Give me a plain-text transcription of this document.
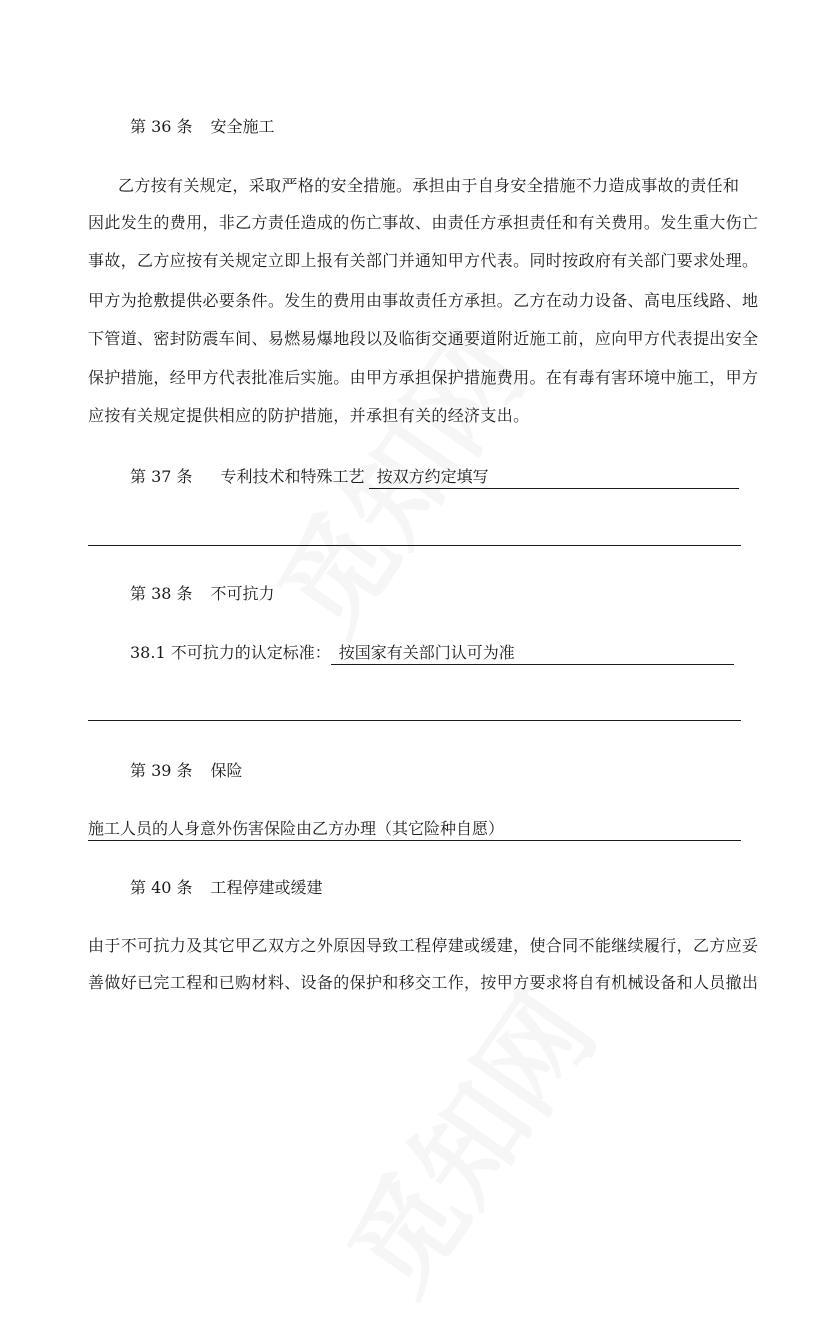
第 36 条 安全施工
乙方按有关规定，采取严格的安全措施。承担由于自身安全措施不力造成事故的责任和
因此发生的费用，非乙方责任造成的伤亡事故、由责任方承担责任和有关费用。发生重大伤亡
事故，乙方应按有关规定立即上报有关部门并通知甲方代表。同时按政府有关部门要求处理。
甲方为抢敷提供必要条件。发生的费用由事故责任方承担。乙方在动力设备、高电压线路、地
下管道、密封防震车间、易燃易爆地段以及临街交通要道附近施工前，应向甲方代表提出安全
保护措施，经甲方代表批准后实施。由甲方承担保护措施费用。在有毒有害环境中施工，甲方
应按有关规定提供相应的防护措施，并承担有关的经济支出。
第 37 条 专利技术和特殊工艺 按双方约定填写
第 38 条 不可抗力
38.1 不可抗力的认定标准： 按国家有关部门认可为准
第 39 条 保险
施工人员的人身意外伤害保险由乙方办理（其它险种自愿）
第 40 条 工程停建或缓建
由于不可抗力及其它甲乙双方之外原因导致工程停建或缓建，使合同不能继续履行，乙方应妥
善做好已完工程和已购材料、设备的保护和移交工作，按甲方要求将自有机械设备和人员撤出
